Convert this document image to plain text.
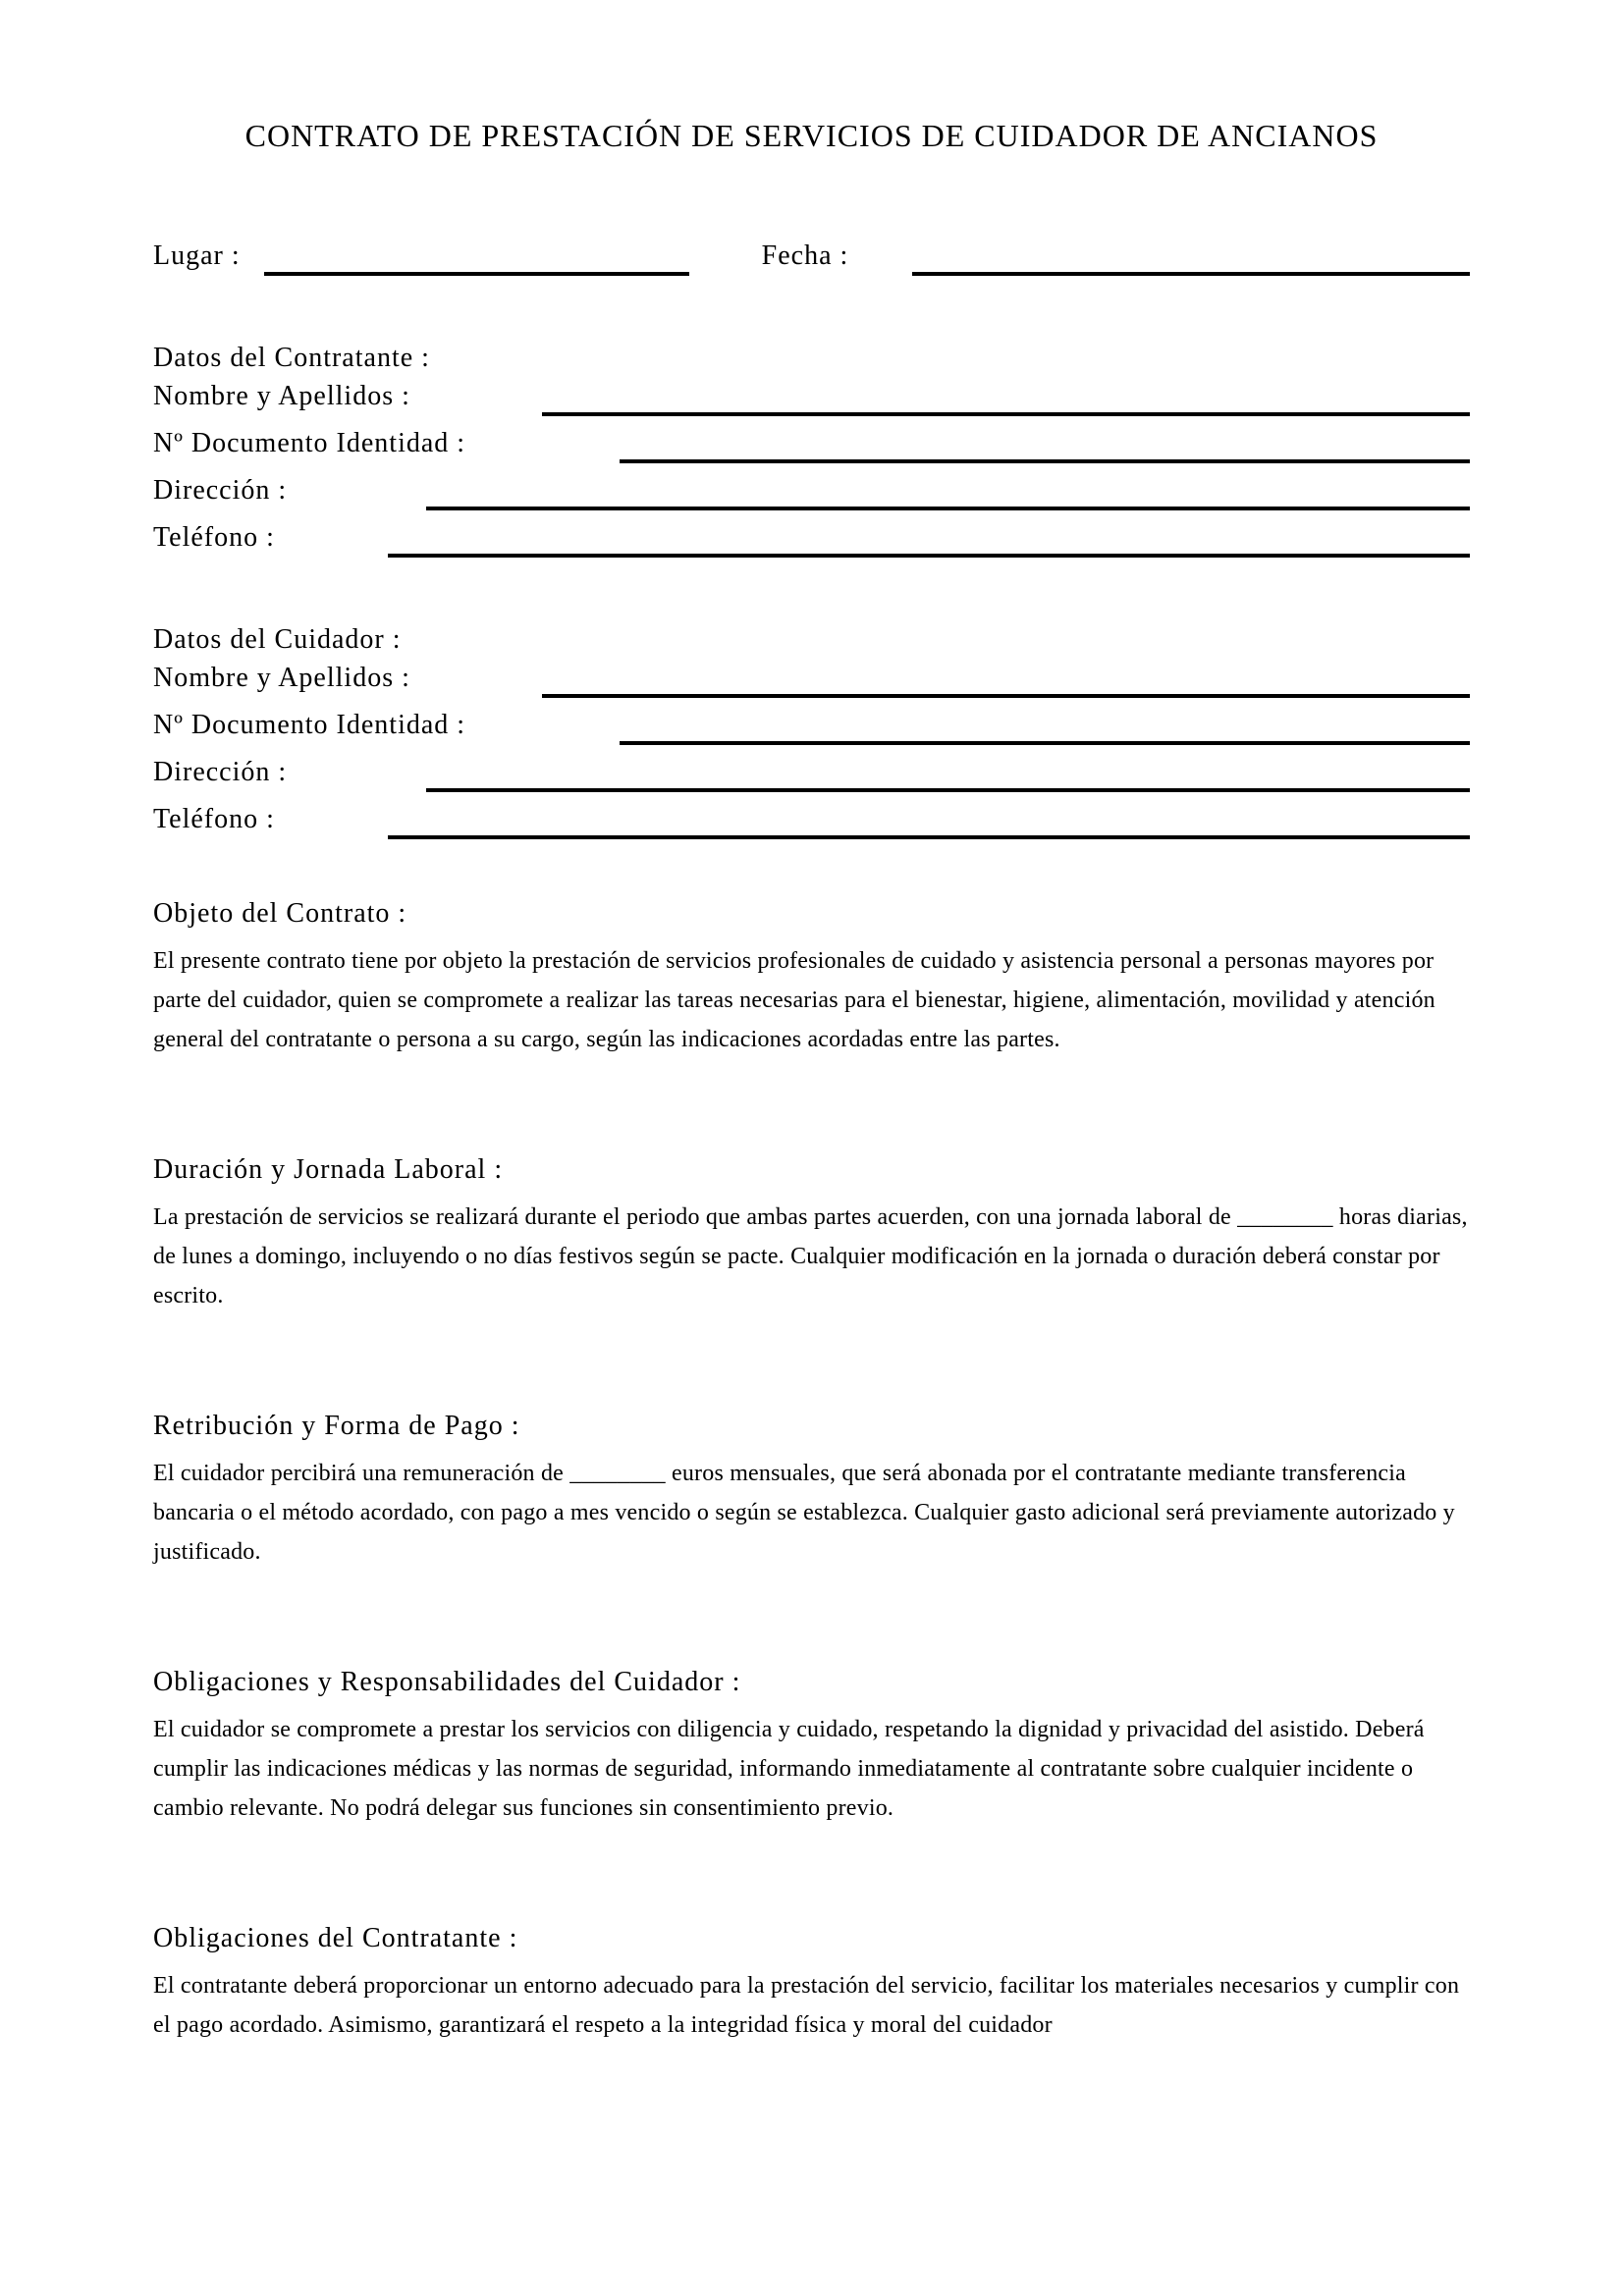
CONTRATO DE PRESTACIÓN DE SERVICIOS DE CUIDADOR DE ANCIANOS
Lugar :	Fecha :
Datos del Contratante :
Nombre y Apellidos :
Nº Documento Identidad :
Dirección :
Teléfono :
Datos del Cuidador :
Nombre y Apellidos :
Nº Documento Identidad :
Dirección :
Teléfono :
Objeto del Contrato :

El presente contrato tiene por objeto la prestación de servicios profesionales de cuidado y asistencia personal a personas mayores por parte del cuidador, quien se compromete a realizar las tareas necesarias para el bienestar, higiene, alimentación, movilidad y atención general del contratante o persona a su cargo, según las indicaciones acordadas entre las partes.

Duración y Jornada Laboral :

La prestación de servicios se realizará durante el periodo que ambas partes acuerden, con una jornada laboral de ________ horas diarias, de lunes a domingo, incluyendo o no días festivos según se pacte. Cualquier modificación en la jornada o duración deberá constar por escrito.

Retribución y Forma de Pago :

El cuidador percibirá una remuneración de ________ euros mensuales, que será abonada por el contratante mediante transferencia bancaria o el método acordado, con pago a mes vencido o según se establezca. Cualquier gasto adicional será previamente autorizado y justificado.

Obligaciones y Responsabilidades del Cuidador :

El cuidador se compromete a prestar los servicios con diligencia y cuidado, respetando la dignidad y privacidad del asistido. Deberá cumplir las indicaciones médicas y las normas de seguridad, informando inmediatamente al contratante sobre cualquier incidente o cambio relevante. No podrá delegar sus funciones sin consentimiento previo.

Obligaciones del Contratante :

El contratante deberá proporcionar un entorno adecuado para la prestación del servicio, facilitar los materiales necesarios y cumplir con el pago acordado. Asimismo, garantizará el respeto a la integridad física y moral del cuidador
